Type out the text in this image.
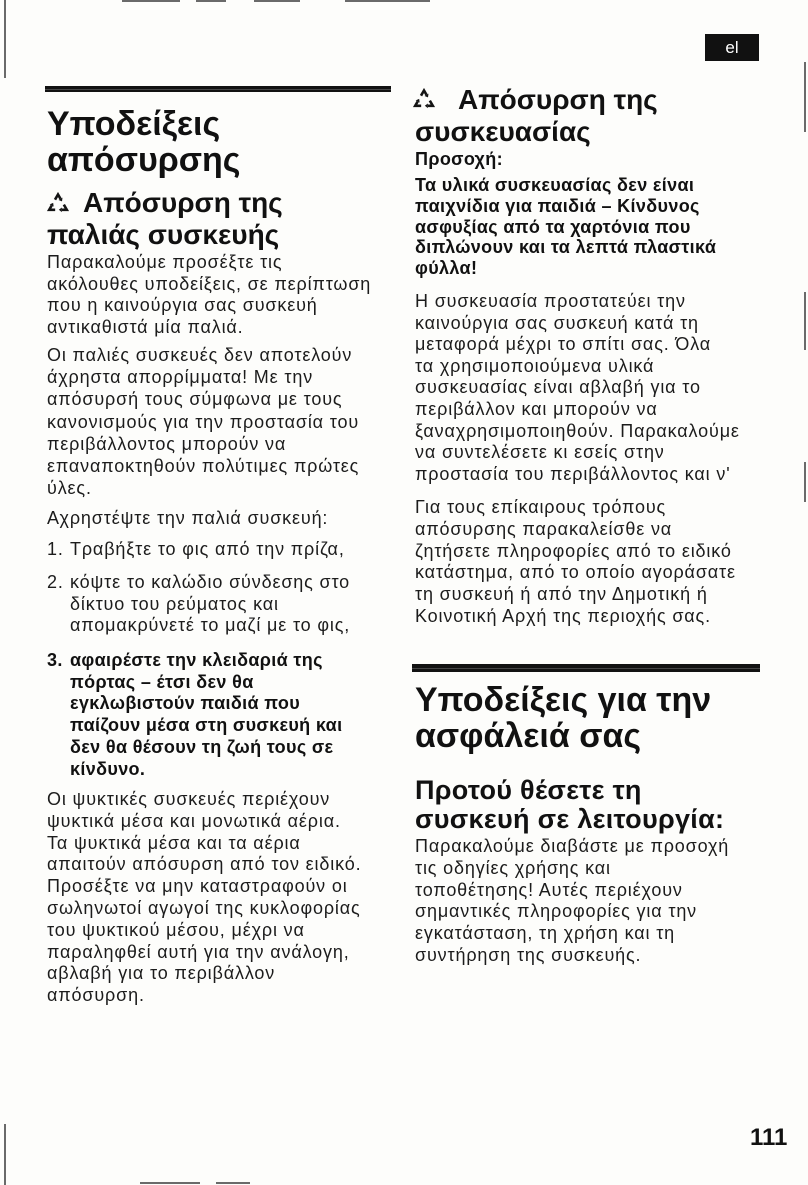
el
Υποδείξεις
απόσυρσης
Απόσυρση της
παλιάς συσκευής
Παρακαλούμε προσέξτε τις
ακόλουθες υποδείξεις, σε περίπτωση
που η καινούργια σας συσκευή
αντικαθιστά μία παλιά.
Οι παλιές συσκευές δεν αποτελούν
άχρηστα απορρίμματα! Με την
απόσυρσή τους σύμφωνα με τους
κανονισμούς για την προστασία του
περιβάλλοντος μπορούν να
επαναποκτηθούν πολύτιμες πρώτες
ύλες.
Αχρηστέψτε την παλιά συσκευή:
1. Τραβήξτε το φις από την πρίζα,
2. κόψτε το καλώδιο σύνδεσης στο
δίκτυο του ρεύματος και
απομακρύνετέ το μαζί με το φις,
3. αφαιρέστε την κλειδαριά της
πόρτας – έτσι δεν θα
εγκλωβιστούν παιδιά που
παίζουν μέσα στη συσκευή και
δεν θα θέσουν τη ζωή τους σε
κίνδυνο.
Οι ψυκτικές συσκευές περιέχουν
ψυκτικά μέσα και μονωτικά αέρια.
Τα ψυκτικά μέσα και τα αέρια
απαιτούν απόσυρση από τον ειδικό.
Προσέξτε να μην καταστραφούν οι
σωληνωτοί αγωγοί της κυκλοφορίας
του ψυκτικού μέσου, μέχρι να
παραληφθεί αυτή για την ανάλογη,
αβλαβή για το περιβάλλον
απόσυρση.
Απόσυρση της
συσκευασίας
Προσοχή:
Τα υλικά συσκευασίας δεν είναι
παιχνίδια για παιδιά – Κίνδυνος
ασφυξίας από τα χαρτόνια που
διπλώνουν και τα λεπτά πλαστικά
φύλλα!
Η συσκευασία προστατεύει την
καινούργια σας συσκευή κατά τη
μεταφορά μέχρι το σπίτι σας. Όλα
τα χρησιμοποιούμενα υλικά
συσκευασίας είναι αβλαβή για το
περιβάλλον και μπορούν να
ξαναχρησιμοποιηθούν. Παρακαλούμε
να συντελέσετε κι εσείς στην
προστασία του περιβάλλοντος και ν'
Για τους επίκαιρους τρόπους
απόσυρσης παρακαλείσθε να
ζητήσετε πληροφορίες από το ειδικό
κατάστημα, από το οποίο αγοράσατε
τη συσκευή ή από την Δημοτική ή
Κοινοτική Αρχή της περιοχής σας.
Υποδείξεις για την
ασφάλειά σας
Προτού θέσετε τη
συσκευή σε λειτουργία:
Παρακαλούμε διαβάστε με προσοχή
τις οδηγίες χρήσης και
τοποθέτησης! Αυτές περιέχουν
σημαντικές πληροφορίες για την
εγκατάσταση, τη χρήση και τη
συντήρηση της συσκευής.
111
